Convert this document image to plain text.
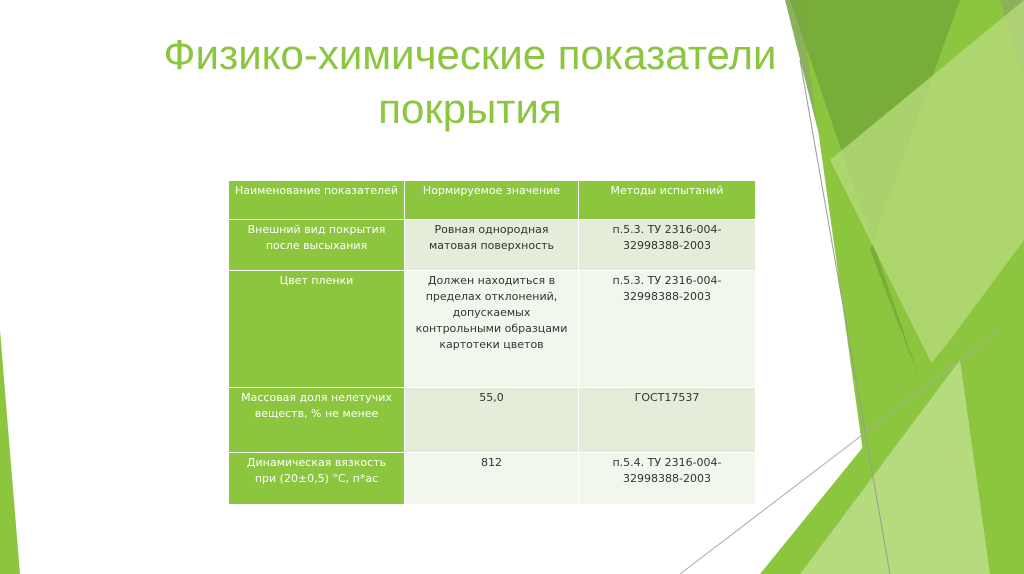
Физико-химические показатели
покрытия
Наименование показателей	Нормируемое значение	Методы испытаний
Внешний вид покрытия после высыхания	Ровная однородная матовая поверхность	п.5.3. ТУ 2316-004-32998388-2003
Цвет пленки	Должен находиться в пределах отклонений, допускаемых контрольными образцами картотеки цветов	п.5.3. ТУ 2316-004-32998388-2003
Массовая доля нелетучих веществ, % не менее	55,0	ГОСТ17537
Динамическая вязкость при (20±0,5) °С, п*ас	812	п.5.4. ТУ 2316-004-32998388-2003
